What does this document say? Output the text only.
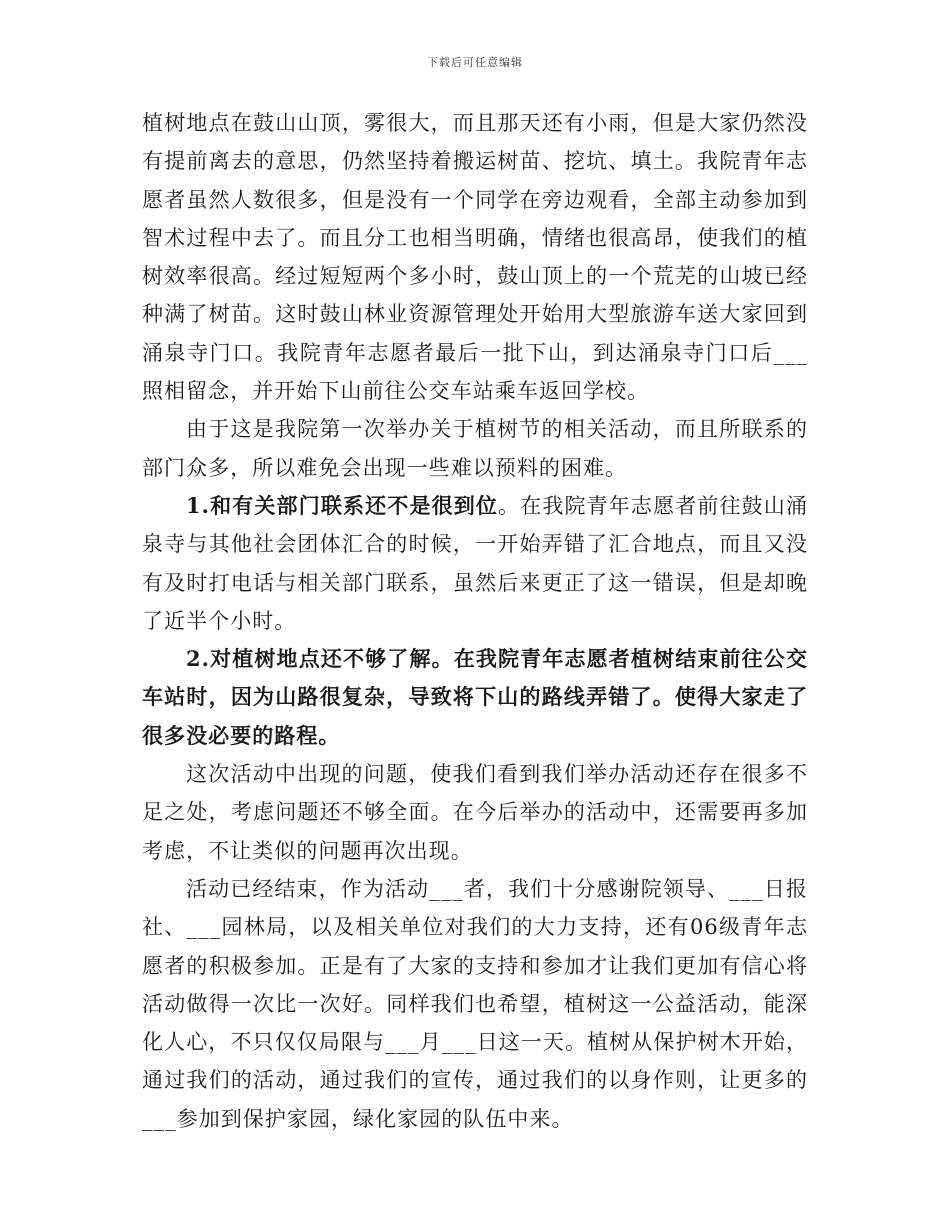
下载后可任意编辑

植树地点在鼓山山顶，雾很大，而且那天还有小雨，但是大家仍然没有提前离去的意思，仍然坚持着搬运树苗、挖坑、填土。我院青年志愿者虽然人数很多，但是没有一个同学在旁边观看，全部主动参加到智术过程中去了。而且分工也相当明确，情绪也很高昂，使我们的植树效率很高。经过短短两个多小时，鼓山顶上的一个荒芜的山坡已经种满了树苗。这时鼓山林业资源管理处开始用大型旅游车送大家回到涌泉寺门口。我院青年志愿者最后一批下山，到达涌泉寺门口后___照相留念，并开始下山前往公交车站乘车返回学校。

由于这是我院第一次举办关于植树节的相关活动，而且所联系的部门众多，所以难免会出现一些难以预料的困难。

1.和有关部门联系还不是很到位。在我院青年志愿者前往鼓山涌泉寺与其他社会团体汇合的时候，一开始弄错了汇合地点，而且又没有及时打电话与相关部门联系，虽然后来更正了这一错误，但是却晚了近半个小时。

2.对植树地点还不够了解。在我院青年志愿者植树结束前往公交车站时，因为山路很复杂，导致将下山的路线弄错了。使得大家走了很多没必要的路程。

这次活动中出现的问题，使我们看到我们举办活动还存在很多不足之处，考虑问题还不够全面。在今后举办的活动中，还需要再多加考虑，不让类似的问题再次出现。

活动已经结束，作为活动___者，我们十分感谢院领导、___日报社、___园林局，以及相关单位对我们的大力支持，还有06级青年志愿者的积极参加。正是有了大家的支持和参加才让我们更加有信心将活动做得一次比一次好。同样我们也希望，植树这一公益活动，能深化人心，不只仅仅局限与___月___日这一天。植树从保护树木开始，通过我们的活动，通过我们的宣传，通过我们的以身作则，让更多的___参加到保护家园，绿化家园的队伍中来。
